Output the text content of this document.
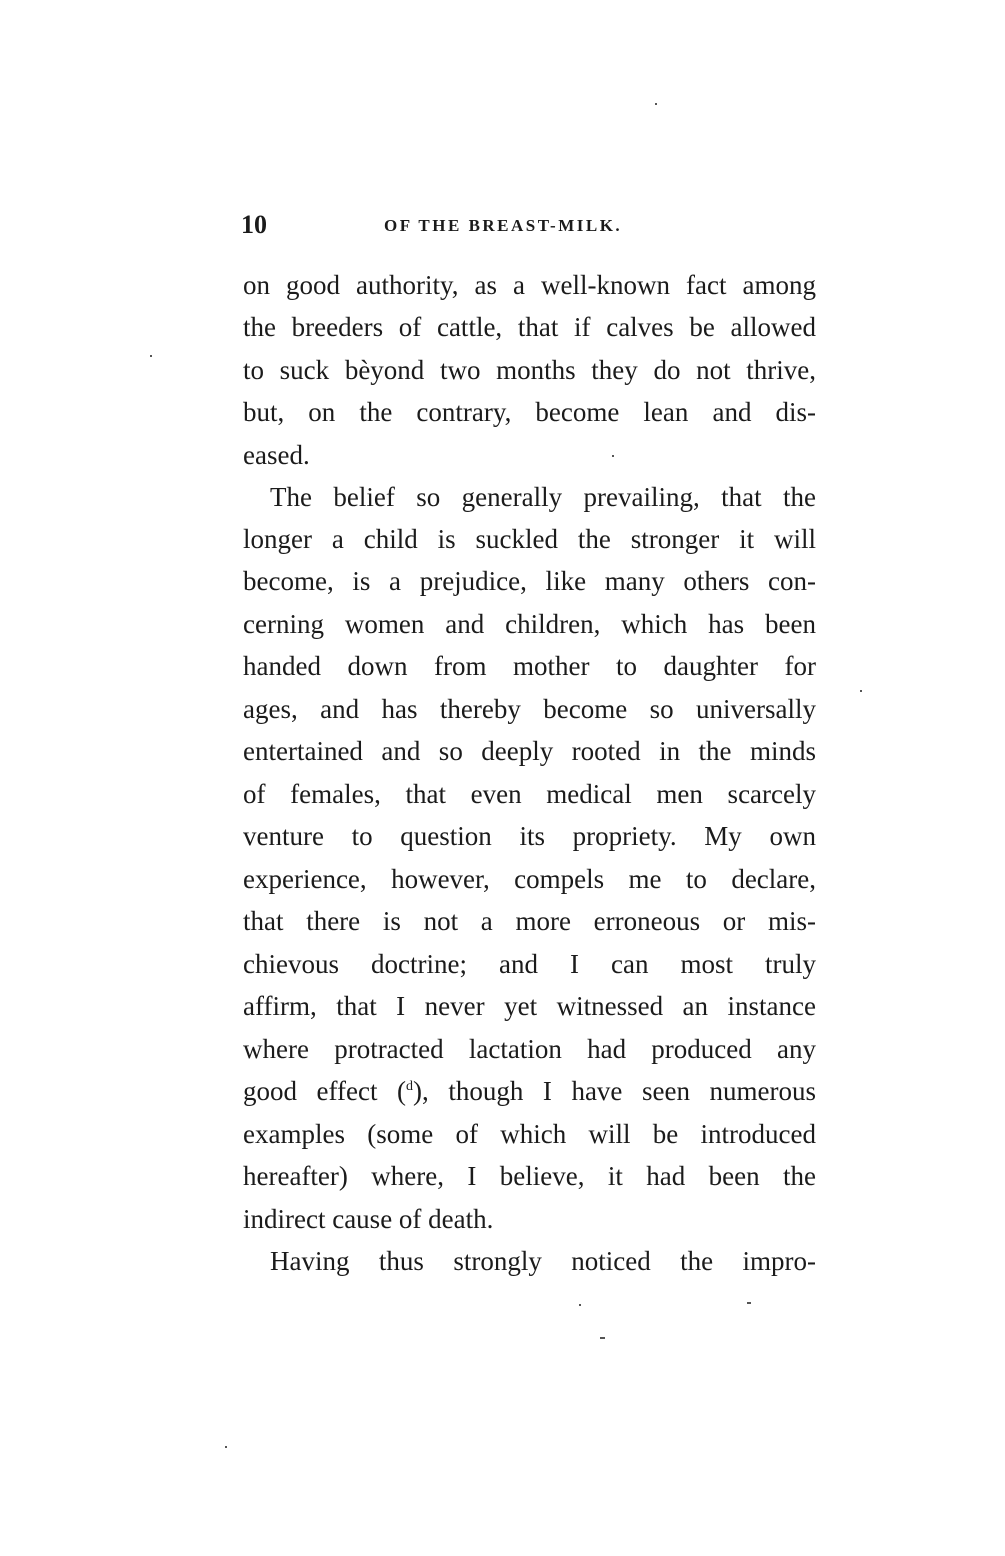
10	OF THE BREAST-MILK.
on good authority, as a well-known fact among
the breeders of cattle, that if calves be allowed
to suck bèyond two months they do not thrive,
but, on the contrary, become lean and dis-
eased.
The belief so generally prevailing, that the
longer a child is suckled the stronger it will
become, is a prejudice, like many others con-
cerning women and children, which has been
handed down from mother to daughter for
ages, and has thereby become so universally
entertained and so deeply rooted in the minds
of females, that even medical men scarcely
venture to question its propriety. My own
experience, however, compels me to declare,
that there is not a more erroneous or mis-
chievous doctrine; and I can most truly
affirm, that I never yet witnessed an instance
where protracted lactation had produced any
good effect ($^d$), though I have seen numerous
examples (some of which will be introduced
hereafter) where, I believe, it had been the
indirect cause of death.
Having thus strongly noticed the impro-
